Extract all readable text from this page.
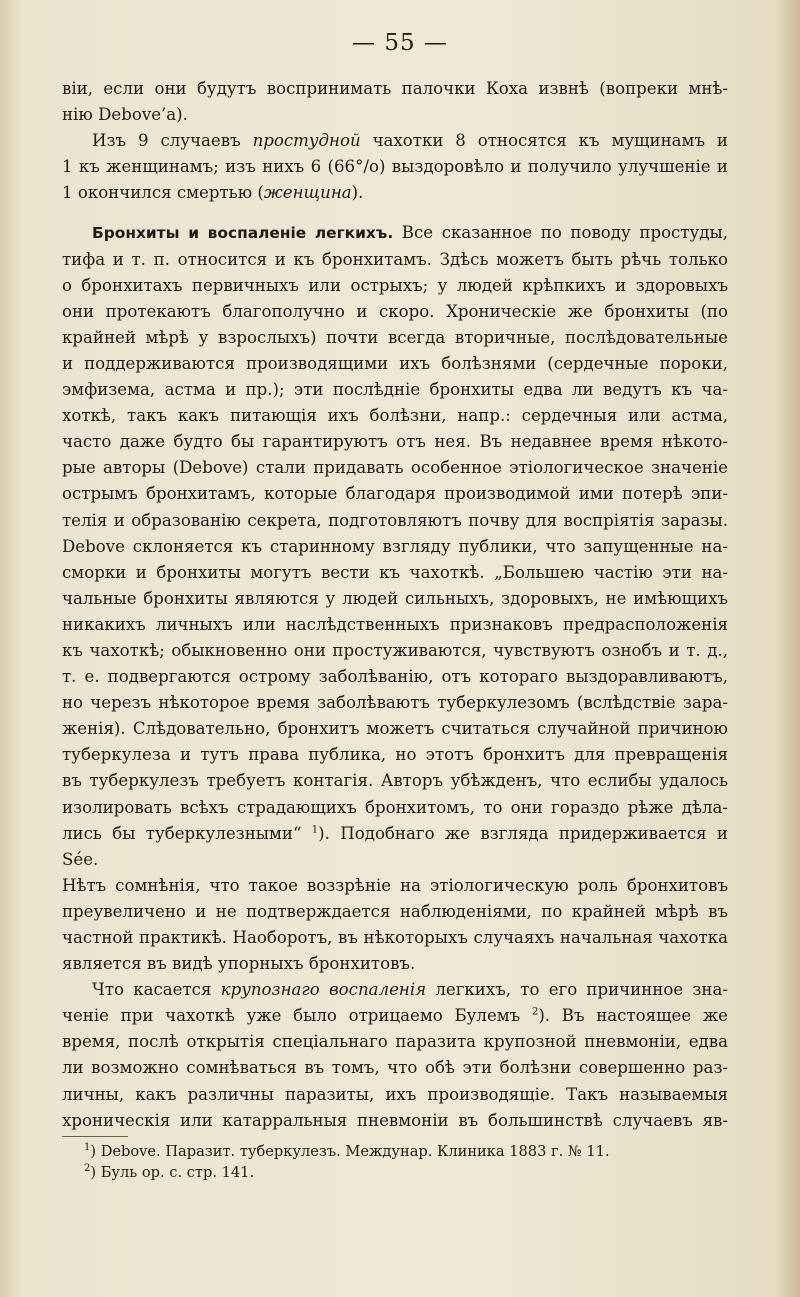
— 55 —

віи, если они будутъ воспринимать палочки Коха извнѣ (вопреки мнѣ-

нію Debove’a).

Изъ 9 случаевъ простудной чахотки 8 относятся къ мущинамъ и

1 къ женщинамъ; изъ нихъ 6 (66°/о) выздоровѣло и получило улучшеніе и

1 окончился смертью (женщина).

Бронхиты и воспаленіе легкихъ. Все сказанное по поводу простуды,

тифа и т. п. относится и къ бронхитамъ. Здѣсь можетъ быть рѣчь только

о бронхитахъ первичныхъ или острыхъ; у людей крѣпкихъ и здоровыхъ

они протекаютъ благополучно и скоро. Хроническіе же бронхиты (по

крайней мѣрѣ у взрослыхъ) почти всегда вторичные, послѣдовательные

и поддерживаются производящими ихъ болѣзнями (сердечные пороки,

эмфизема, астма и пр.); эти послѣдніе бронхиты едва ли ведутъ къ ча-

хоткѣ, такъ какъ питающія ихъ болѣзни, напр.: сердечныя или астма,

часто даже будто бы гарантируютъ отъ нея. Въ недавнее время нѣкото-

рые авторы (Debove) стали придавать особенное этіологическое значеніе

острымъ бронхитамъ, которые благодаря производимой ими потерѣ эпи-

телія и образованію секрета, подготовляютъ почву для воспріятія заразы.

Debove склоняется къ старинному взгляду публики, что запущенные на-

сморки и бронхиты могутъ вести къ чахоткѣ. „Большею частію эти на-

чальные бронхиты являются у людей сильныхъ, здоровыхъ, не имѣющихъ

никакихъ личныхъ или наслѣдственныхъ признаковъ предрасположенія

къ чахоткѣ; обыкновенно они простуживаются, чувствуютъ ознобъ и т. д.,

т. е. подвергаются острому заболѣванію, отъ котораго выздоравливаютъ,

но черезъ нѣкоторое время заболѣваютъ туберкулезомъ (вслѣдствіе зара-

женія). Слѣдовательно, бронхитъ можетъ считаться случайной причиною

туберкулеза и тутъ права публика, но этотъ бронхитъ для превращенія

въ туберкулезъ требуетъ контагія. Авторъ убѣжденъ, что еслибы удалось

изолировать всѣхъ страдающихъ бронхитомъ, то они гораздо рѣже дѣла-

лись бы туберкулезными“ $^1$). Подобнаго же взгляда придерживается и Sée.

Нѣтъ сомнѣнія, что такое воззрѣніе на этіологическую роль бронхитовъ

преувеличено и не подтверждается наблюденіями, по крайней мѣрѣ въ

частной практикѣ. Наоборотъ, въ нѣкоторыхъ случаяхъ начальная чахотка

является въ видѣ упорныхъ бронхитовъ.

Что касается крупознаго воспаленія легкихъ, то его причинное зна-

ченіе при чахоткѣ уже было отрицаемо Булемъ $^2$). Въ настоящее же

время, послѣ открытія спеціальнаго паразита крупозной пневмоніи, едва

ли возможно сомнѣваться въ томъ, что обѣ эти болѣзни совершенно раз-

личны, какъ различны паразиты, ихъ производящіе. Такъ называемыя

хроническія или катарральныя пневмоніи въ большинствѣ случаевъ яв-

$^1$) Debove. Паразит. туберкулезъ. Междунар. Клиника 1883 г. № 11.
$^2$) Буль ор. с. стр. 141.
